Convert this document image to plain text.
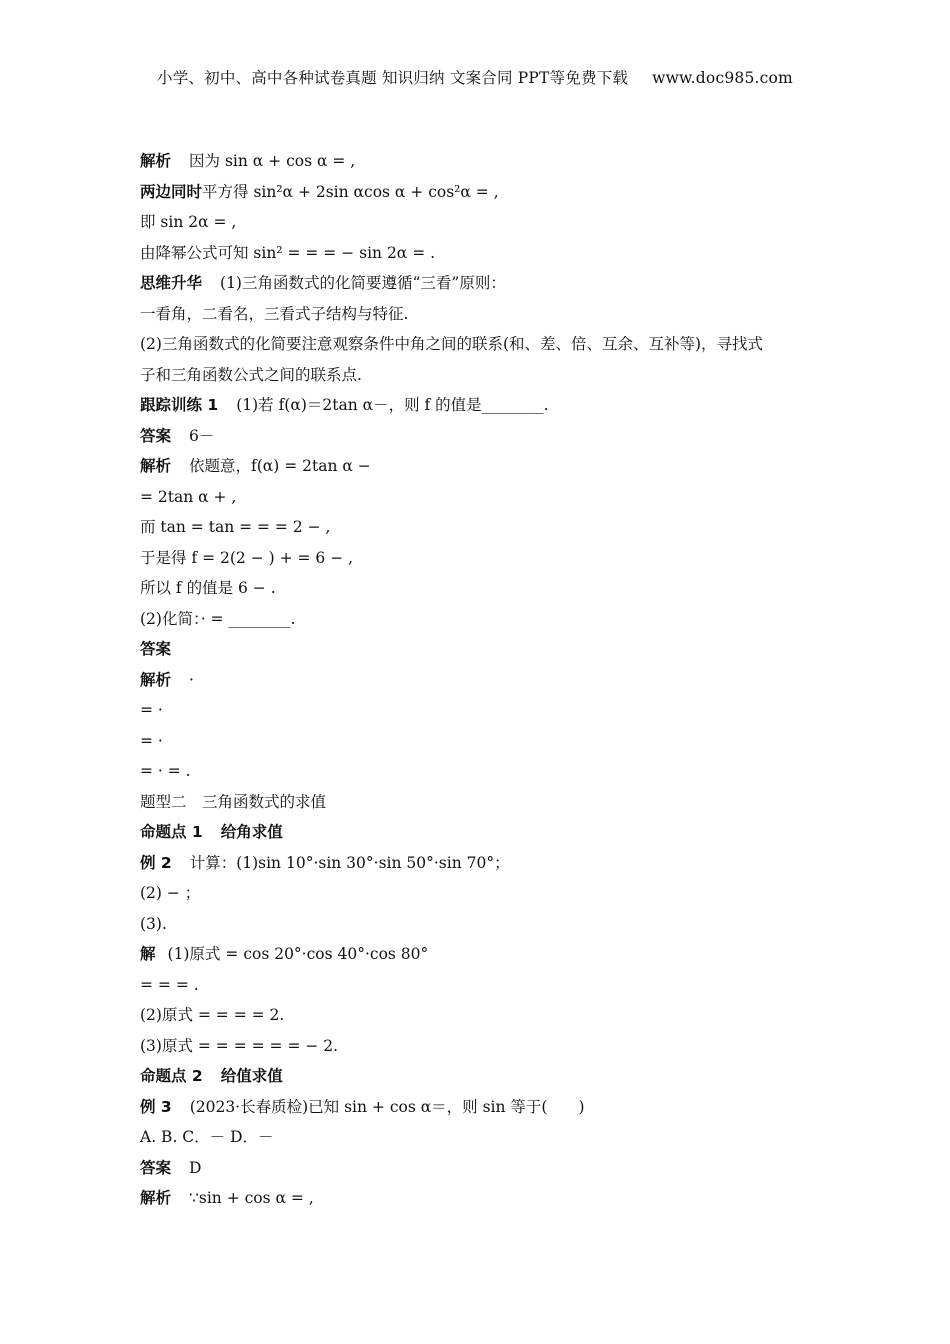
小学、初中、高中各种试卷真题 知识归纳 文案合同 PPT等免费下载 www.doc985.com
解析 因为 sin α + cos α = ,
两边同时平方得 sin²α + 2sin αcos α + cos²α = ,
即 sin 2α = ,
由降幂公式可知 sin² = = = − sin 2α = .
思维升华 (1)三角函数式的化简要遵循“三看”原则：
一看角，二看名，三看式子结构与特征.
(2)三角函数式的化简要注意观察条件中角之间的联系(和、差、倍、互余、互补等)，寻找式
子和三角函数公式之间的联系点.
跟踪训练 1 (1)若 f(α)＝2tan α－，则 f 的值是________.
答案 6－
解析 依题意，f(α) = 2tan α −
= 2tan α + ,
而 tan = tan = = = 2 − ,
于是得 f = 2(2 − ) + = 6 − ,
所以 f 的值是 6 − .
(2)化简：· = ________.
答案
解析 ·
= ·
= ·
= · = .
题型二　三角函数式的求值
命题点 1 给角求值
例 2 计算：(1)sin 10°·sin 30°·sin 50°·sin 70°；
(2) − ；
(3).
解 (1)原式 = cos 20°·cos 40°·cos 80°
= = = .
(2)原式 = = = = 2.
(3)原式 = = = = = = − 2.
命题点 2 给值求值
例 3 (2023·长春质检)已知 sin + cos α＝，则 sin 等于(　　)
A. B. C．－ D．－
答案 D
解析 ∵sin + cos α = ,
